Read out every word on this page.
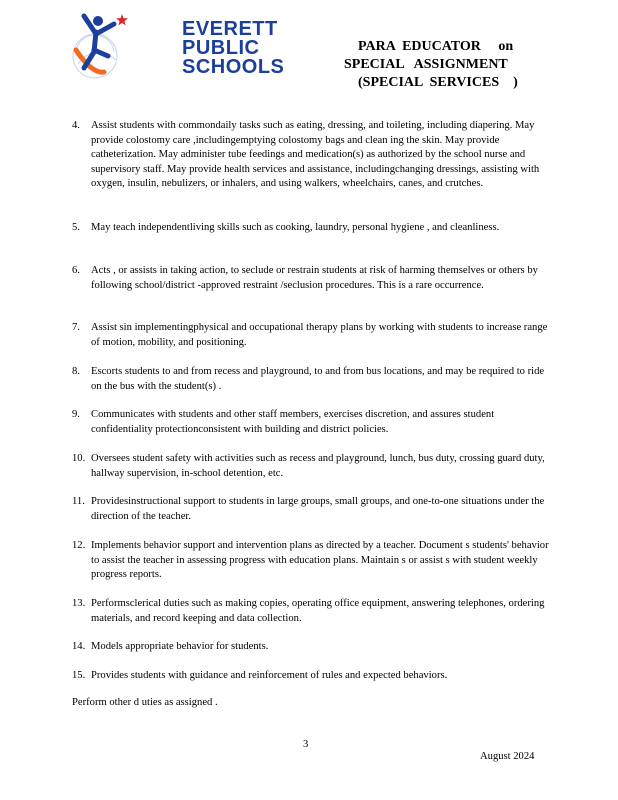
EVERETT
PUBLIC
SCHOOLS
PARA  EDUCATOR     on
SPECIAL   ASSIGNMENT
(SPECIAL  SERVICES    )
4.	Assist students with commondaily tasks such as eating, dressing, and toileting, including diapering. May provide colostomy care ,includingemptying colostomy bags and clean ing the skin. May provide catheterization. May administer tube feedings and medication(s) as authorized by the school nurse and supervisory staff. May provide health services and assistance, includingchanging dressings, assisting with oxygen, insulin, nebulizers, or inhalers, and using walkers, wheelchairs, canes, and crutches.
5.	May teach independentliving skills such as cooking, laundry, personal hygiene , and cleanliness.
6.	Acts , or assists in taking action, to seclude or restrain students at risk of harming themselves or others by following school/district -approved restraint /seclusion procedures. This is a rare occurrence.
7.	Assist sin implementingphysical and occupational therapy plans by working with students to increase range of motion, mobility, and positioning.
8.	Escorts students to and from recess and playground, to and from bus locations, and may be required to ride on the bus with the student(s) .
9.	Communicates with students and other staff members, exercises discretion, and assures student confidentiality protectionconsistent with building and district policies.
10. Oversees student safety with activities such as recess and playground, lunch, bus duty, crossing guard duty, hallway supervision, in-school detention, etc.
11. Providesinstructional support to students in large groups, small groups, and one-to-one situations under the direction of the teacher.
12. Implements behavior support and intervention plans as directed by a teacher. Document s students' behavior to assist the teacher in assessing progress with education plans. Maintain s or assist s with student weekly progress reports.
13. Performsclerical duties such as making copies, operating office equipment, answering telephones, ordering materials, and record keeping and data collection.
14. Models appropriate behavior for students.
15. Provides students with guidance and reinforcement of rules and expected behaviors.
Perform other d uties as assigned .
3
August 2024
